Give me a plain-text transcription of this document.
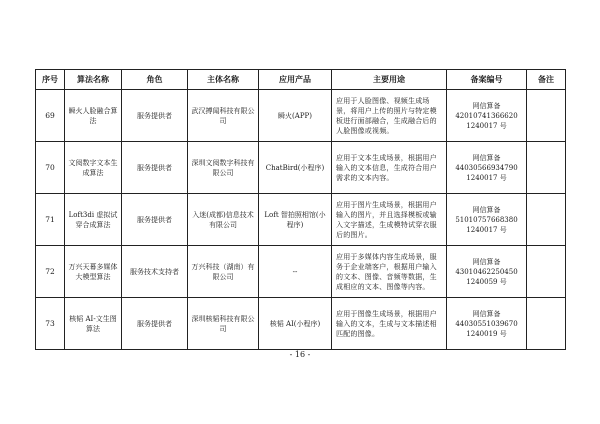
序号	算法名称	角色	主体名称	应用产品	主要用途	备案编号	备注
69	瞬火人脸融合算法	服务提供者	武汉搏闻科技有限公司	瞬火(APP)	应用于人脸图像、视频生成场景，将用户上传的照片与特定模板进行面部融合，生成融合后的人脸图像或视频。	网信算备
42010741366620
1240017 号	

70	文阅数字文本生成算法	服务提供者	深圳文阅数字科技有限公司	ChatBird(小程序)	应用于文本生成场景，根据用户输入的文本信息，生成符合用户需求的文本内容。	网信算备
44030566934790
1240017 号	

71	Loft3di 虚拟试穿合成算法	服务提供者	入迷(成都)信息技术有限公司	Loft 智拍照相馆(小程序)	应用于图片生成场景，根据用户输入的图片，并且选择模板或输入文字描述，生成模特试穿衣服后的图片。	网信算备
51010757668380
1240017 号	

72	万兴天幕多媒体大模型算法	服务技术支持者	万兴科技（湖南）有限公司	--	应用于多媒体内容生成场景，服务于企业端客户，根据用户输入的文本、图像、音频等数据，生成相应的文本、图像等内容。	网信算备
43010462250450
1240059 号	

73	核韬 AI-文生图算法	服务提供者	深圳核韬科技有限公司	核韬 AI(小程序)	应用于图像生成场景，根据用户输入的文本，生成与文本描述相匹配的图像。	网信算备
44030551039670
1240019 号	

- 16 -
